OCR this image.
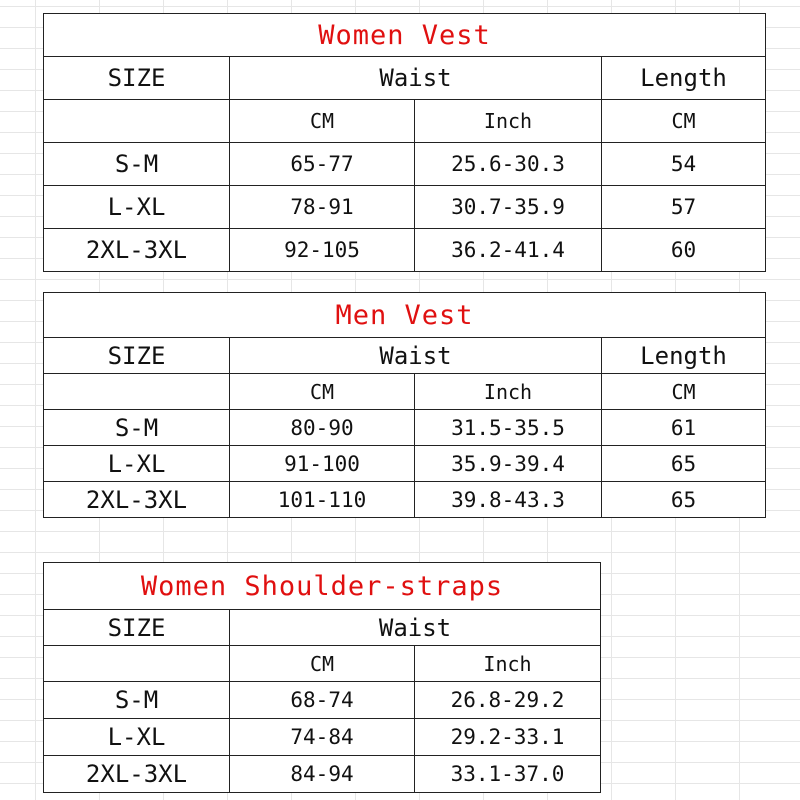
Women Vest			
SIZE	Waist		Length
	CM	Inch	CM
S-M	65-77	25.6-30.3	54
L-XL	78-91	30.7-35.9	57
2XL-3XL	92-105	36.2-41.4	60
Men Vest			
SIZE	Waist		Length
	CM	Inch	CM
S-M	80-90	31.5-35.5	61
L-XL	91-100	35.9-39.4	65
2XL-3XL	101-110	39.8-43.3	65
Women Shoulder-straps		
SIZE	Waist	
	CM	Inch
S-M	68-74	26.8-29.2
L-XL	74-84	29.2-33.1
2XL-3XL	84-94	33.1-37.0
